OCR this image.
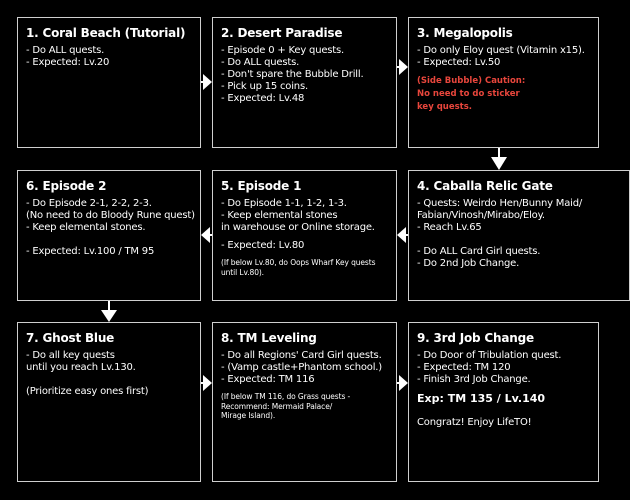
1. Coral Beach (Tutorial)
- Do ALL quests.
- Expected: Lv.20
2. Desert Paradise
- Episode 0 + Key quests.
- Do ALL quests.
- Don't spare the Bubble Drill.
- Pick up 15 coins.
- Expected: Lv.48
3. Megalopolis
- Do only Eloy quest (Vitamin x15).
- Expected: Lv.50
(Side Bubble) Caution:
No need to do sticker
key quests.
6. Episode 2
- Do Episode 2-1, 2-2, 2-3.
(No need to do Bloody Rune quest)
- Keep elemental stones.
- Expected: Lv.100 / TM 95
5. Episode 1
- Do Episode 1-1, 1-2, 1-3.
- Keep elemental stones
in warehouse or Online storage.
- Expected: Lv.80
(If below Lv.80, do Oops Wharf Key quests
until Lv.80).
4. Caballa Relic Gate
- Quests: Weirdo Hen/Bunny Maid/
Fabian/Vinosh/Mirabo/Eloy.
- Reach Lv.65
- Do ALL Card Girl quests.
- Do 2nd Job Change.
7. Ghost Blue
- Do all key quests
until you reach Lv.130.
(Prioritize easy ones first)
8. TM Leveling
- Do all Regions' Card Girl quests.
- (Vamp castle+Phantom school.)
- Expected: TM 116
(If below TM 116, do Grass quests -
Recommend: Mermaid Palace/
Mirage Island).
9. 3rd Job Change
- Do Door of Tribulation quest.
- Expected: TM 120
- Finish 3rd Job Change.
Exp: TM 135 / Lv.140
Congratz! Enjoy LifeTO!
